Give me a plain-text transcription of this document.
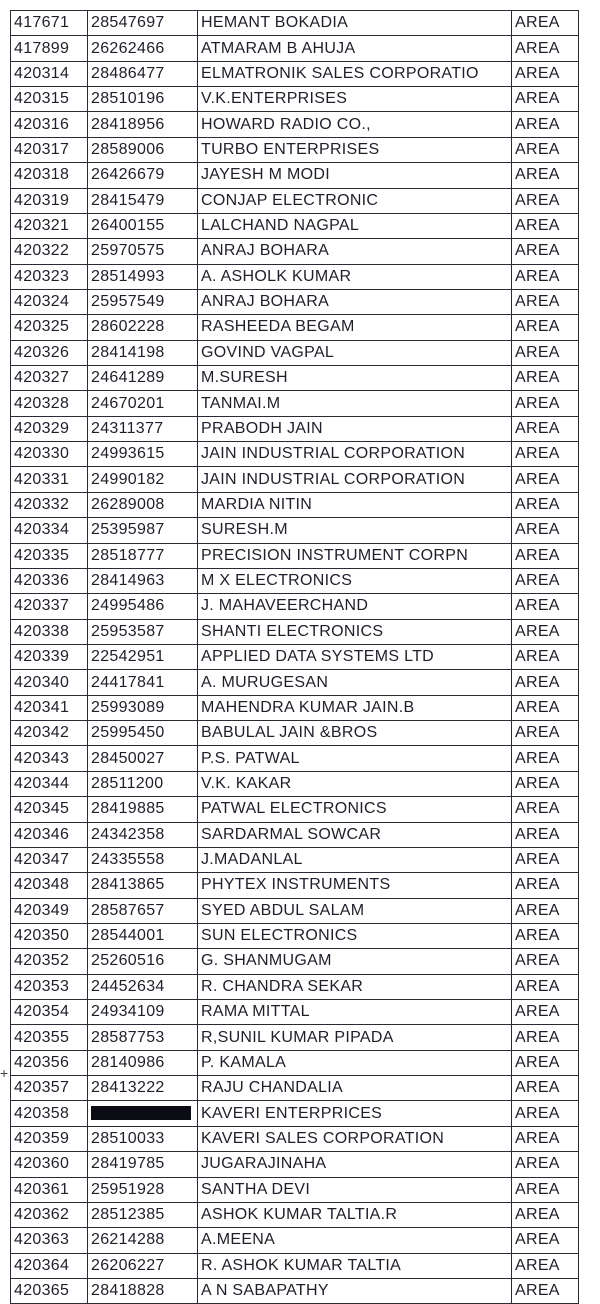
417671	28547697	HEMANT BOKADIA	AREA
417899	26262466	ATMARAM B AHUJA	AREA
420314	28486477	ELMATRONIK SALES CORPORATIO	AREA
420315	28510196	V.K.ENTERPRISES	AREA
420316	28418956	HOWARD RADIO CO.,	AREA
420317	28589006	TURBO ENTERPRISES	AREA
420318	26426679	JAYESH M MODI	AREA
420319	28415479	CONJAP ELECTRONIC	AREA
420321	26400155	LALCHAND NAGPAL	AREA
420322	25970575	ANRAJ BOHARA	AREA
420323	28514993	A. ASHOLK KUMAR	AREA
420324	25957549	ANRAJ BOHARA	AREA
420325	28602228	RASHEEDA BEGAM	AREA
420326	28414198	GOVIND VAGPAL	AREA
420327	24641289	M.SURESH	AREA
420328	24670201	TANMAI.M	AREA
420329	24311377	PRABODH JAIN	AREA
420330	24993615	JAIN INDUSTRIAL CORPORATION	AREA
420331	24990182	JAIN INDUSTRIAL CORPORATION	AREA
420332	26289008	MARDIA NITIN	AREA
420334	25395987	SURESH.M	AREA
420335	28518777	PRECISION INSTRUMENT CORPN	AREA
420336	28414963	M X ELECTRONICS	AREA
420337	24995486	J. MAHAVEERCHAND	AREA
420338	25953587	SHANTI ELECTRONICS	AREA
420339	22542951	APPLIED DATA SYSTEMS LTD	AREA
420340	24417841	A. MURUGESAN	AREA
420341	25993089	MAHENDRA KUMAR JAIN.B	AREA
420342	25995450	BABULAL JAIN &BROS	AREA
420343	28450027	P.S. PATWAL	AREA
420344	28511200	V.K. KAKAR	AREA
420345	28419885	PATWAL ELECTRONICS	AREA
420346	24342358	SARDARMAL SOWCAR	AREA
420347	24335558	J.MADANLAL	AREA
420348	28413865	PHYTEX INSTRUMENTS	AREA
420349	28587657	SYED ABDUL SALAM	AREA
420350	28544001	SUN ELECTRONICS	AREA
420352	25260516	G. SHANMUGAM	AREA
420353	24452634	R. CHANDRA SEKAR	AREA
420354	24934109	RAMA MITTAL	AREA
420355	28587753	R,SUNIL KUMAR PIPADA	AREA
420356	28140986	P. KAMALA	AREA
420357	28413222	RAJU CHANDALIA	AREA
420358		KAVERI ENTERPRICES	AREA
420359	28510033	KAVERI SALES CORPORATION	AREA
420360	28419785	JUGARAJINAHA	AREA
420361	25951928	SANTHA DEVI	AREA
420362	28512385	ASHOK KUMAR TALTIA.R	AREA
420363	26214288	A.MEENA	AREA
420364	26206227	R. ASHOK KUMAR TALTIA	AREA
420365	28418828	A N SABAPATHY	AREA
+
